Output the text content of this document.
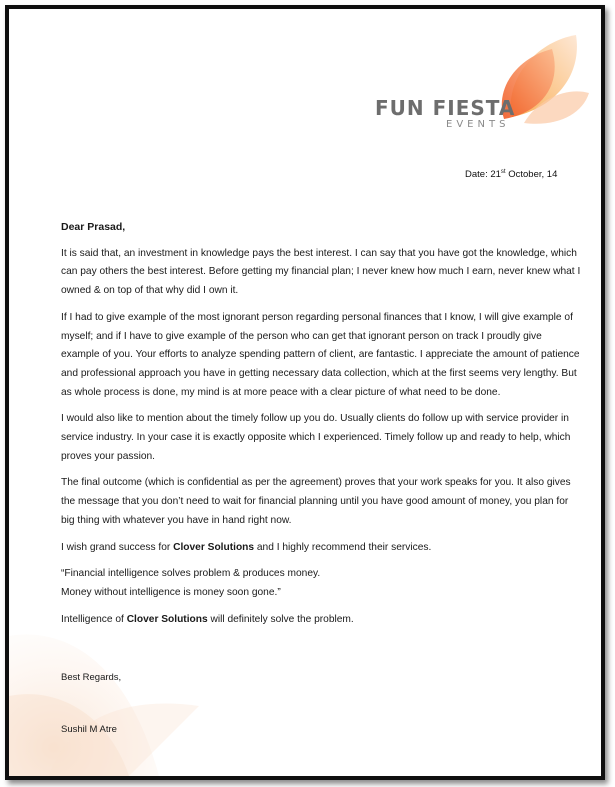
FUN FIESTA
EVENTS
Date: 21st October, 14

Dear Prasad,

It is said that, an investment in knowledge pays the best interest. I can say that you have got the knowledge, which can pay others the best interest. Before getting my financial plan; I never knew how much I earn, never knew what I owned & on top of that why did I own it.

If I had to give example of the most ignorant person regarding personal finances that I know, I will give example of myself; and if I have to give example of the person who can get that ignorant person on track I proudly give example of you. Your efforts to analyze spending pattern of client, are fantastic. I appreciate the amount of patience and professional approach you have in getting necessary data collection, which at the first seems very lengthy. But as whole process is done, my mind is at more peace with a clear picture of what need to be done.

I would also like to mention about the timely follow up you do. Usually clients do follow up with service provider in service industry. In your case it is exactly opposite which I experienced. Timely follow up and ready to help, which proves your passion.

The final outcome (which is confidential as per the agreement) proves that your work speaks for you. It also gives the message that you don’t need to wait for financial planning until you have good amount of money, you plan for big thing with whatever you have in hand right now.

I wish grand success for Clover Solutions and I highly recommend their services.

“Financial intelligence solves problem & produces money.
Money without intelligence is money soon gone.”

Intelligence of Clover Solutions will definitely solve the problem.

Best Regards,
Sushil M Atre
